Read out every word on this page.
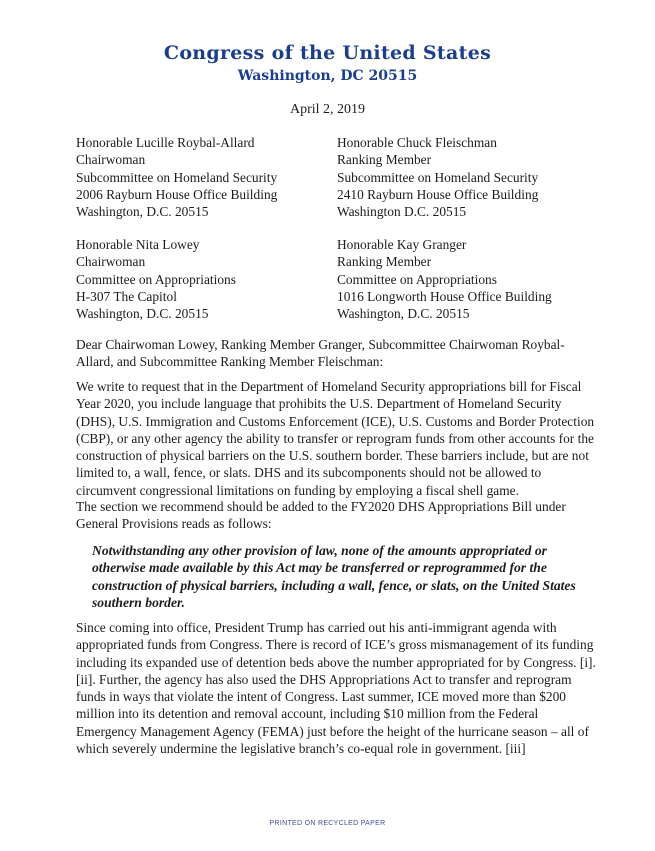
Congress of the United States
Washington, DC 20515
April 2, 2019
Honorable Lucille Roybal-Allard
Chairwoman
Subcommittee on Homeland Security
2006 Rayburn House Office Building
Washington, D.C. 20515
Honorable Chuck Fleischman
Ranking Member
Subcommittee on Homeland Security
2410 Rayburn House Office Building
Washington D.C. 20515
Honorable Nita Lowey
Chairwoman
Committee on Appropriations
H-307 The Capitol
Washington, D.C. 20515
Honorable Kay Granger
Ranking Member
Committee on Appropriations
1016 Longworth House Office Building
Washington, D.C. 20515
Dear Chairwoman Lowey, Ranking Member Granger, Subcommittee Chairwoman Roybal-
Allard, and Subcommittee Ranking Member Fleischman:
We write to request that in the Department of Homeland Security appropriations bill for Fiscal
Year 2020, you include language that prohibits the U.S. Department of Homeland Security
(DHS), U.S. Immigration and Customs Enforcement (ICE), U.S. Customs and Border Protection
(CBP), or any other agency the ability to transfer or reprogram funds from other accounts for the
construction of physical barriers on the U.S. southern border. These barriers include, but are not
limited to, a wall, fence, or slats. DHS and its subcomponents should not be allowed to
circumvent congressional limitations on funding by employing a fiscal shell game.
The section we recommend should be added to the FY2020 DHS Appropriations Bill under
General Provisions reads as follows:
Notwithstanding any other provision of law, none of the amounts appropriated or
otherwise made available by this Act may be transferred or reprogrammed for the
construction of physical barriers, including a wall, fence, or slats, on the United States
southern border.
Since coming into office, President Trump has carried out his anti-immigrant agenda with
appropriated funds from Congress. There is record of ICE’s gross mismanagement of its funding
including its expanded use of detention beds above the number appropriated for by Congress. [i].
[ii]. Further, the agency has also used the DHS Appropriations Act to transfer and reprogram
funds in ways that violate the intent of Congress. Last summer, ICE moved more than $200
million into its detention and removal account, including $10 million from the Federal
Emergency Management Agency (FEMA) just before the height of the hurricane season – all of
which severely undermine the legislative branch’s co-equal role in government. [iii]
PRINTED ON RECYCLED PAPER
